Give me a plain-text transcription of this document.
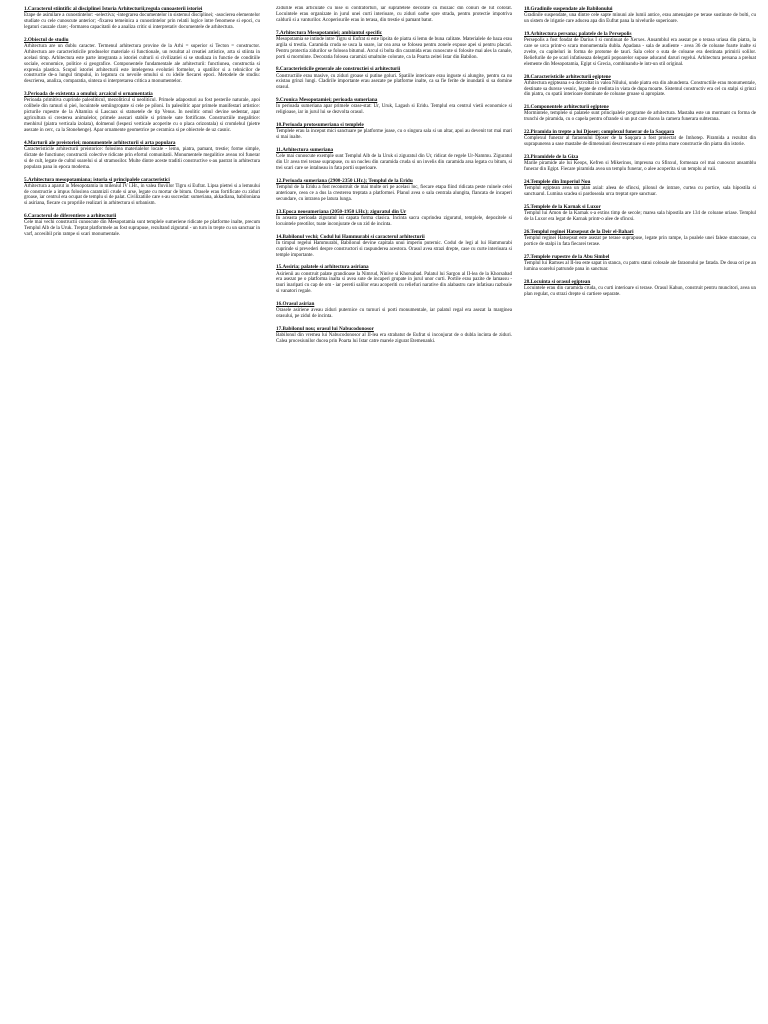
1.Caracterul stiintific al disciplinei Istoria Arhitecturii;regula cunoasterii istoriei

Etape de asimilare a cunostintelor: -selectiva; -integrarea documentelor in sistemul disciplinei; -asocierea elementelor studiate cu cele cunoscute anterior; -fixarea temeinica a cunostintelor prin relatii logice intre fenomene si epoci, cu legaturi cauzale clare; -formarea capacitatii de a analiza critic si interpretativ documentele de arhitectura.

2.Obiectul de studiu

Arhitectura are un dublu caracter. Termenul arhitectura provine de la Arhi = superior si Tecton = constructor. Arhitectura are caracteristicile produselor materiale si functionale, un rezultat al creatiei artistice, arta si stiinta in acelasi timp. Arhitectura este parte integranta a istoriei culturii si civilizatiei si se studiaza in functie de conditiile sociale, economice, politice si geografice. Componentele fundamentale ale arhitecturii: functiunea, constructia si expresia plastica. Scopul istoriei arhitecturii este intelegerea evolutiei formelor, a spatiilor si a tehnicilor de constructie de-a lungul timpului, in legatura cu nevoile omului si cu ideile fiecarei epoci. Metodele de studiu: descrierea, analiza, comparatia, sinteza si interpretarea critica a monumentelor.

3.Perioada de existenta a omului; arcaicul si ornamentatia

Perioada primitiva cuprinde paleoliticul, mezoliticul si neoliticul. Primele adaposturi au fost pesterile naturale, apoi colibele din ramuri si piei, locuintele semiingropate si cele pe piloni. In paleolitic apar primele manifestari artistice: picturile rupestre de la Altamira si Lascaux si statuetele de tip Venus. In neolitic omul devine sedentar, apar agricultura si cresterea animalelor, primele asezari stabile si primele sate fortificate. Constructiile megalitice: menhirul (piatra verticala izolata), dolmenul (lespezi verticale acoperite cu o placa orizontala) si cromlehul (pietre asezate in cerc, ca la Stonehenge). Apar ornamente geometrice pe ceramica si pe obiectele de uz casnic.

4.Marturii ale preistoriei; monumentele arhitecturii si arta populara

Caracteristicile arhitecturii preistorice: folosirea materialelor locale - lemn, piatra, pamant, trestie; forme simple, dictate de functiune; constructii colective ridicate prin efortul comunitatii. Monumentele megalitice aveau rol funerar si de cult, legate de cultul soarelui si al stramosilor. Multe dintre aceste traditii constructive s-au pastrat in arhitectura populara pana in epoca moderna.

5.Arhitectura mesopotamiana; istoria si principalele caracteristici

Arhitectura a aparut in Mesopotamia in mileniul IV i.Hr., in valea fluviilor Tigru si Eufrat. Lipsa pietrei si a lemnului de constructie a impus folosirea caramizii crude si arse, legate cu mortar de bitum. Orasele erau fortificate cu ziduri groase, iar centrul era ocupat de templu si de palat. Civilizatiile care s-au succedat: sumeriana, akkadiana, babiloniana si asiriana, fiecare cu propriile realizari in arhitectura si urbanism.

6.Caracterul de diferentiere a arhitecturii

Cele mai vechi constructii cunoscute din Mesopotamia sunt templele sumeriene ridicate pe platforme inalte, precum Templul Alb de la Uruk. Treptat platformele au fost suprapuse, rezultand ziguratul - un turn in trepte cu un sanctuar in varf, accesibil prin rampe si scari monumentale.

Zidurile erau articulate cu nise si contraforturi, iar suprafetele decorate cu mozaic din conuri de lut colorat. Locuintele erau organizate in jurul unei curti interioare, cu ziduri oarbe spre strada, pentru protectie impotriva caldurii si a vanturilor. Acoperisurile erau in terasa, din trestie si pamant batut.

7.Arhitectura Mesopotamiei; ambiantul specific

Mesopotamia se intinde intre Tigru si Eufrat si este lipsita de piatra si lemn de buna calitate. Materialele de baza erau argila si trestia. Caramida cruda se usca la soare, iar cea arsa se folosea pentru zonele expuse apei si pentru placari. Pentru protectia zidurilor se folosea bitumul. Arcul si bolta din caramida erau cunoscute si folosite mai ales la canale, porti si morminte. Decoratia folosea caramizi smaltuite colorate, ca la Poarta zeitei Istar din Babilon.

8.Caracteristicile generale ale constructiei si arhitecturii

Constructiile erau masive, cu ziduri groase si putine goluri. Spatiile interioare erau inguste si alungite, pentru ca nu existau grinzi lungi. Cladirile importante erau asezate pe platforme inalte, ca sa fie ferite de inundatii si sa domine orasul.

9.Cronica Mesopotamiei; perioada sumeriana

In perioada sumeriana apar primele orase-stat: Ur, Uruk, Lagash si Eridu. Templul era centrul vietii economice si religioase, iar in jurul lui se dezvolta orasul.

10.Perioada protosumeriana si templele

Templele erau la inceput mici sanctuare pe platforme joase, cu o singura sala si un altar, apoi au devenit tot mai mari si mai inalte.

11.Arhitectura sumeriana

Cele mai cunoscute exemple sunt Templul Alb de la Uruk si ziguratul din Ur, ridicat de regele Ur-Nammu. Ziguratul din Ur avea trei terase suprapuse, cu un nucleu din caramida cruda si un invelis din caramida arsa legata cu bitum, si trei scari care se intalneau in fata portii superioare.

12.Perioada sumeriana (2900-2350 i.Hr.); Templul de la Eridu

Templul de la Eridu a fost reconstruit de mai multe ori pe acelasi loc, fiecare etapa fiind ridicata peste ruinele celei anterioare, ceea ce a dus la cresterea treptata a platformei. Planul avea o sala centrala alungita, flancata de incaperi secundare, cu intrarea pe latura lunga.

13.Epoca neosumeriana (2050-1950 i.Hr.); ziguratul din Ur

In aceasta perioada ziguratul isi capata forma clasica. Incinta sacra cuprindea ziguratul, templele, depozitele si locuintele preotilor, toate inconjurate de un zid de incinta.

14.Babilonul vechi; Codul lui Hammurabi si caracterul arhitecturii

In timpul regelui Hammurabi, Babilonul devine capitala unui imperiu puternic. Codul de legi al lui Hammurabi cuprinde si prevederi despre constructori si raspunderea acestora. Orasul avea strazi drepte, case cu curte interioara si temple importante.

15.Assiria; palatele si arhitectura asiriana

Asirienii au construit palate grandioase la Nimrud, Ninive si Khorsabad. Palatul lui Sargon al II-lea de la Khorsabad era asezat pe o platforma inalta si avea sute de incaperi grupate in jurul unor curti. Portile erau pazite de lamassu - tauri inaripati cu cap de om - iar peretii salilor erau acoperiti cu reliefuri narative din alabastru care infatisau razboaie si vanatori regale.

16.Orasul asirian

Orasele asiriene aveau ziduri puternice cu turnuri si porti monumentale, iar palatul regal era asezat la marginea orasului, pe zidul de incinta.

17.Babilonul nou; orasul lui Nabucodonosor

Babilonul din vremea lui Nabucodonosor al II-lea era strabatut de Eufrat si inconjurat de o dubla incinta de ziduri. Calea procesiunilor ducea prin Poarta lui Istar catre marele zigurat Etemenanki.

18.Gradinile suspendate ale Babilonului

Gradinile suspendate, una dintre cele sapte minuni ale lumii antice, erau amenajate pe terase sustinute de bolti, cu un sistem de irigatie care aducea apa din Eufrat pana la nivelurile superioare.

19.Arhitectura persana; palatele de la Persepolis

Persepolis a fost fondat de Darius I si continuat de Xerxes. Ansamblul era asezat pe o terasa uriasa din piatra, la care se urca printr-o scara monumentala dubla. Apadana - sala de audiente - avea 36 de coloane foarte inalte si zvelte, cu capiteluri in forma de protome de tauri. Sala celor o suta de coloane era destinata primirii solilor. Reliefurile de pe scari infatiseaza delegatii popoarelor supuse aducand daruri regelui. Arhitectura persana a preluat elemente din Mesopotamia, Egipt si Grecia, combinandu-le intr-un stil original.

20.Caracteristicile arhitecturii egiptene

Arhitectura egipteana s-a dezvoltat in valea Nilului, unde piatra era din abundenta. Constructiile erau monumentale, destinate sa dureze vesnic, legate de credinta in viata de dupa moarte. Sistemul constructiv era cel cu stalpi si grinzi din piatra, cu spatii interioare dominate de coloane groase si apropiate.

21.Componentele arhitecturii egiptene

Mormintele, templele si palatele sunt principalele programe de arhitectura. Mastaba este un mormant cu forma de trunchi de piramida, cu o capela pentru ofrande si un put care ducea la camera funerara subterana.

22.Piramida in trepte a lui Djoser; complexul funerar de la Saqqara

Complexul funerar al faraonului Djoser de la Saqqara a fost proiectat de Imhotep. Piramida a rezultat din suprapunerea a sase mastabe de dimensiuni descrescatoare si este prima mare constructie din piatra din istorie.

23.Piramidele de la Giza

Marile piramide ale lui Keops, Kefren si Mikerinos, impreuna cu Sfinxul, formeaza cel mai cunoscut ansamblu funerar din Egipt. Fiecare piramida avea un templu funerar, o alee acoperita si un templu al vaii.

24.Templele din Imperiul Nou

Templul egiptean avea un plan axial: aleea de sfincsi, pilonul de intrare, curtea cu portice, sala hipostila si sanctuarul. Lumina scadea si pardoseala urca treptat spre sanctuar.

25.Templele de la Karnak si Luxor

Templul lui Amon de la Karnak s-a extins timp de secole; marea sala hipostila are 134 de coloane uriase. Templul de la Luxor era legat de Karnak printr-o alee de sfincsi.

26.Templul reginei Hatsepsut de la Deir el-Bahari

Templul reginei Hatsepsut este asezat pe terase suprapuse, legate prin rampe, la poalele unei faleze stancoase, cu portice de stalpi in fata fiecarei terase.

27.Templele rupestre de la Abu Simbel

Templul lui Ramses al II-lea este sapat in stanca, cu patru statui colosale ale faraonului pe fatada. De doua ori pe an lumina soarelui patrunde pana in sanctuar.

28.Locuinta si orasul egiptean

Locuintele erau din caramida cruda, cu curti interioare si terase. Orasul Kahun, construit pentru muncitori, avea un plan regulat, cu strazi drepte si cartiere separate.
